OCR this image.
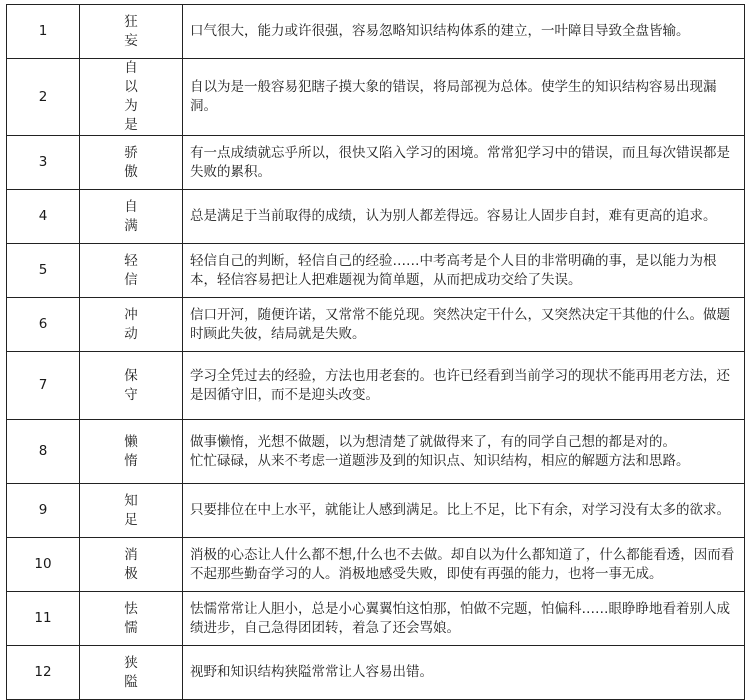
1	狂妄	口气很大，能力或许很强，容易忽略知识结构体系的建立，一叶障目导致全盘皆输。
2	自以为是	自以为是一般容易犯瞎子摸大象的错误，将局部视为总体。使学生的知识结构容易出现漏洞。
3	骄傲	有一点成绩就忘乎所以，很快又陷入学习的困境。常常犯学习中的错误，而且每次错误都是失败的累积。
4	自满	总是满足于当前取得的成绩，认为别人都差得远。容易让人固步自封，难有更高的追求。
5	轻信	轻信自己的判断，轻信自己的经验……中考高考是个人目的非常明确的事，是以能力为根本，轻信容易把让人把难题视为简单题，从而把成功交给了失误。
6	冲动	信口开河，随便许诺，又常常不能兑现。突然决定干什么，又突然决定干其他的什么。做题时顾此失彼，结局就是失败。
7	保守	学习全凭过去的经验，方法也用老套的。也许已经看到当前学习的现状不能再用老方法，还是因循守旧，而不是迎头改变。
8	懒惰	做事懒惰，光想不做题，以为想清楚了就做得来了，有的同学自己想的都是对的。
忙忙碌碌，从来不考虑一道题涉及到的知识点、知识结构，相应的解题方法和思路。
9	知足	只要排位在中上水平，就能让人感到满足。比上不足，比下有余，对学习没有太多的欲求。
10	消极	消极的心态让人什么都不想,什么也不去做。却自以为什么都知道了，什么都能看透，因而看不起那些勤奋学习的人。消极地感受失败，即使有再强的能力，也将一事无成。
11	怯懦	怯懦常常让人胆小，总是小心翼翼怕这怕那，怕做不完题，怕偏科……眼睁睁地看着别人成绩进步，自己急得团团转，着急了还会骂娘。
12	狭隘	视野和知识结构狭隘常常让人容易出错。
